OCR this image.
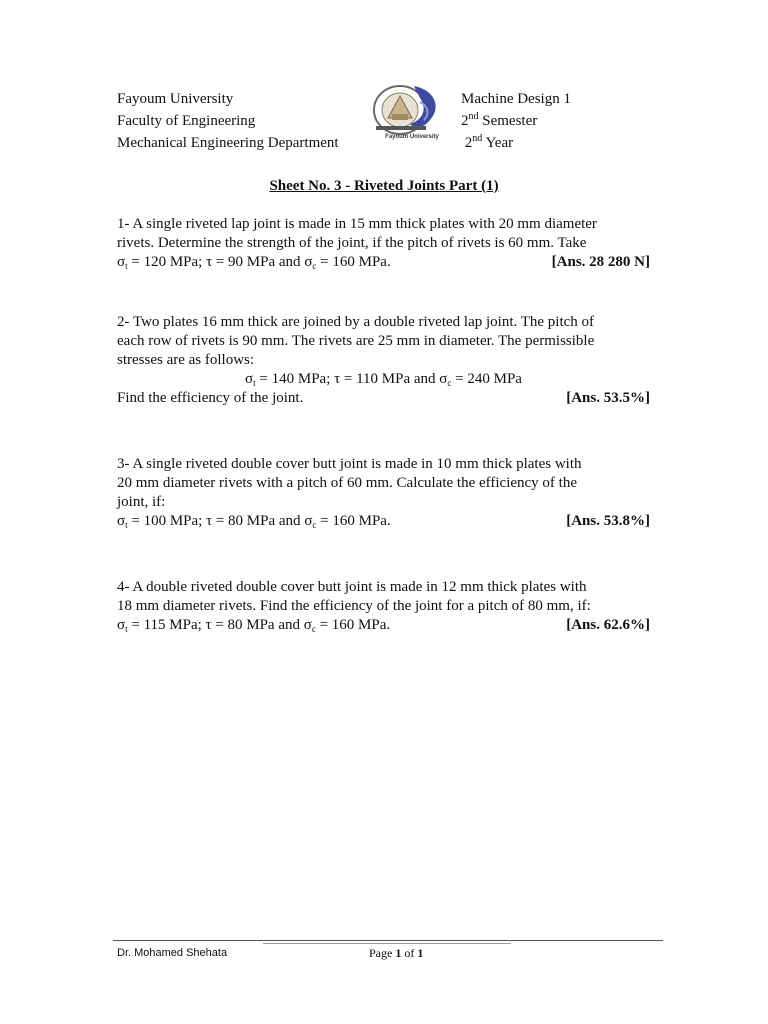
Fayoum University
Faculty of Engineering
Mechanical Engineering Department	Fayoum University
Machine Design 1
2nd Semester
2nd Year
Sheet No. 3 - Riveted Joints Part (1)

1- A single riveted lap joint is made in 15 mm thick plates with 20 mm diameter

rivets. Determine the strength of the joint, if the pitch of rivets is 60 mm. Take

$\sigma_t = 120$ MPa; τ = 90 MPa and $\sigma_c = 160$ MPa.	[Ans. 28 280 N]

2- Two plates 16 mm thick are joined by a double riveted lap joint. The pitch of

each row of rivets is 90 mm. The rivets are 25 mm in diameter. The permissible

stresses are as follows:

$\sigma_t = 140$ MPa; τ = 110 MPa and $\sigma_c = 240$ MPa
Find the efficiency of the joint.	[Ans. 53.5%]

3- A single riveted double cover butt joint is made in 10 mm thick plates with

20 mm diameter rivets with a pitch of 60 mm. Calculate the efficiency of the

joint, if:

$\sigma_t = 100$ MPa; τ = 80 MPa and $\sigma_c = 160$ MPa.	[Ans. 53.8%]

4- A double riveted double cover butt joint is made in 12 mm thick plates with

18 mm diameter rivets. Find the efficiency of the joint for a pitch of 80 mm, if:

$\sigma_t = 115$ MPa; τ = 80 MPa and $\sigma_c = 160$ MPa.	[Ans. 62.6%]
Dr. Mohamed Shehata	Page 1 of 1
